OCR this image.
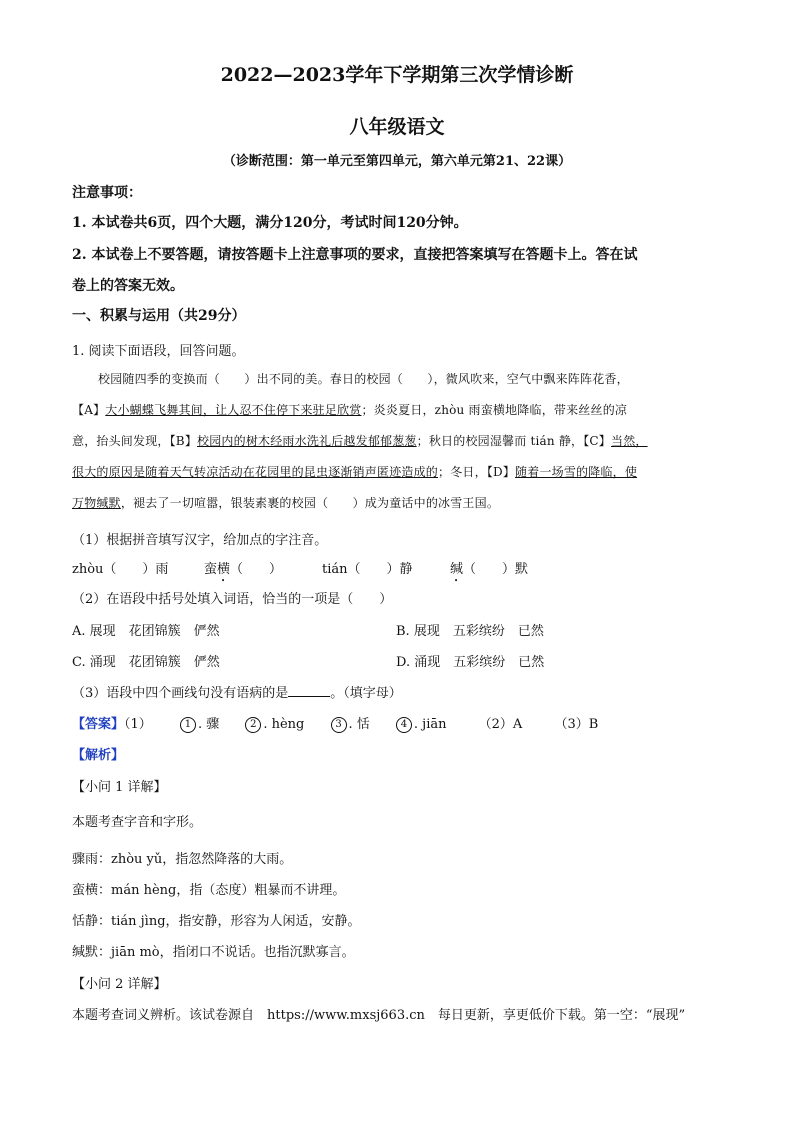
2022—2023学年下学期第三次学情诊断
八年级语文
（诊断范围：第一单元至第四单元，第六单元第21、22课）
注意事项：
1. 本试卷共6页，四个大题，满分120分，考试时间120分钟。
2. 本试卷上不要答题，请按答题卡上注意事项的要求，直接把答案填写在答题卡上。答在试
卷上的答案无效。
一、积累与运用（共29分）
1. 阅读下面语段，回答问题。
校园随四季的变换而（　　）出不同的美。春日的校园（　　），微风吹来，空气中飘来阵阵花香，
【A】大小蝴蝶飞舞其间，让人忍不住停下来驻足欣赏；炎炎夏日，zhòu 雨蛮横地降临，带来丝丝的凉
意，抬头间发现，【B】校园内的树木经雨水洗礼后越发郁郁葱葱；秋日的校园湿馨而 tián 静，【C】当然，
很大的原因是随着天气转凉活动在花园里的昆虫逐渐销声匿迹造成的；冬日，【D】随着一场雪的降临，使
万物缄默，褪去了一切喧嚣，银装素裹的校园（　　）成为童话中的冰雪王国。
（1）根据拼音填写汉字，给加点的字注音。
zhòu（　　）雨	蛮横（　　）	tián（　　）静	缄（　　）默
（2）在语段中括号处填入词语，恰当的一项是（　　）
A. 展现　花团锦簇　俨然	B. 展现　五彩缤纷　已然
C. 涌现　花团锦簇　俨然	D. 涌现　五彩缤纷　已然
（3）语段中四个画线句没有语病的是	。（填字母）
【答案】（1）	1 . 骤	2 . hèng	3 . 恬	4 . jiān （2）A （3）B
【解析】
【小问 1 详解】
本题考查字音和字形。
骤雨：zhòu yǔ，指忽然降落的大雨。
蛮横：mán hèng，指（态度）粗暴而不讲理。
恬静：tián jìng，指安静，形容为人闲适，安静。
缄默：jiān mò，指闭口不说话。也指沉默寡言。
【小问 2 详解】
本题考查词义辨析。该试卷源自　https://www.mxsj663.cn　每日更新，享更低价下载。第一空：“展现”
